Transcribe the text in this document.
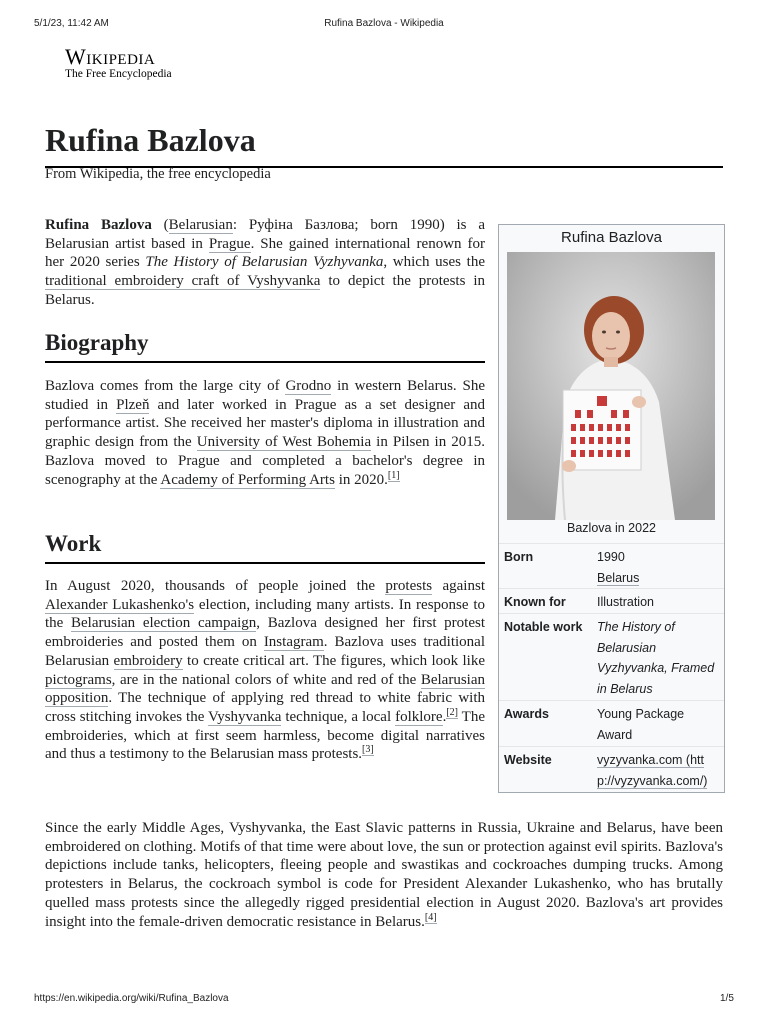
5/1/23, 11:42 AM	Rufina Bazlova - Wikipedia
https://en.wikipedia.org/wiki/Rufina_Bazlova	1/5
Wikipedia
The Free Encyclopedia
Rufina Bazlova
From Wikipedia, the free encyclopedia
Rufina Bazlova (Belarusian: Руфіна Базлова; born 1990) is a Belarusian artist based in Prague. She gained international renown for her 2020 series The History of Belarusian Vyzhyvanka, which uses the traditional embroidery craft of Vyshyvanka to depict the protests in Belarus.
Biography
Bazlova comes from the large city of Grodno in western Belarus. She studied in Plzeň and later worked in Prague as a set designer and performance artist. She received her master's diploma in illustration and graphic design from the University of West Bohemia in Pilsen in 2015. Bazlova moved to Prague and completed a bachelor's degree in scenography at the Academy of Performing Arts in 2020.[1]
Work
In August 2020, thousands of people joined the protests against Alexander Lukashenko's election, including many artists. In response to the Belarusian election campaign, Bazlova designed her first protest embroideries and posted them on Instagram. Bazlova uses traditional Belarusian embroidery to create critical art. The figures, which look like pictograms, are in the national colors of white and red of the Belarusian opposition. The technique of applying red thread to white fabric with cross stitching invokes the Vyshyvanka technique, a local folklore.[2] The embroideries, which at first seem harmless, become digital narratives and thus a testimony to the Belarusian mass protests.[3]
Since the early Middle Ages, Vyshyvanka, the East Slavic patterns in Russia, Ukraine and Belarus, have been embroidered on clothing. Motifs of that time were about love, the sun or protection against evil spirits. Bazlova's depictions include tanks, helicopters, fleeing people and swastikas and cockroaches dumping trucks. Among protesters in Belarus, the cockroach symbol is code for President Alexander Lukashenko, who has brutally quelled mass protests since the allegedly rigged presidential election in August 2020. Bazlova's art provides insight into the female-driven democratic resistance in Belarus.[4]
Rufina Bazlova
Bazlova in 2022
Born	1990
Belarus
Known for	Illustration
Notable work	The History of Belarusian Vyzhyvanka, Framed in Belarus
Awards	Young Package Award
Website	vyzyvanka.com (http://vyzyvanka.com/)
